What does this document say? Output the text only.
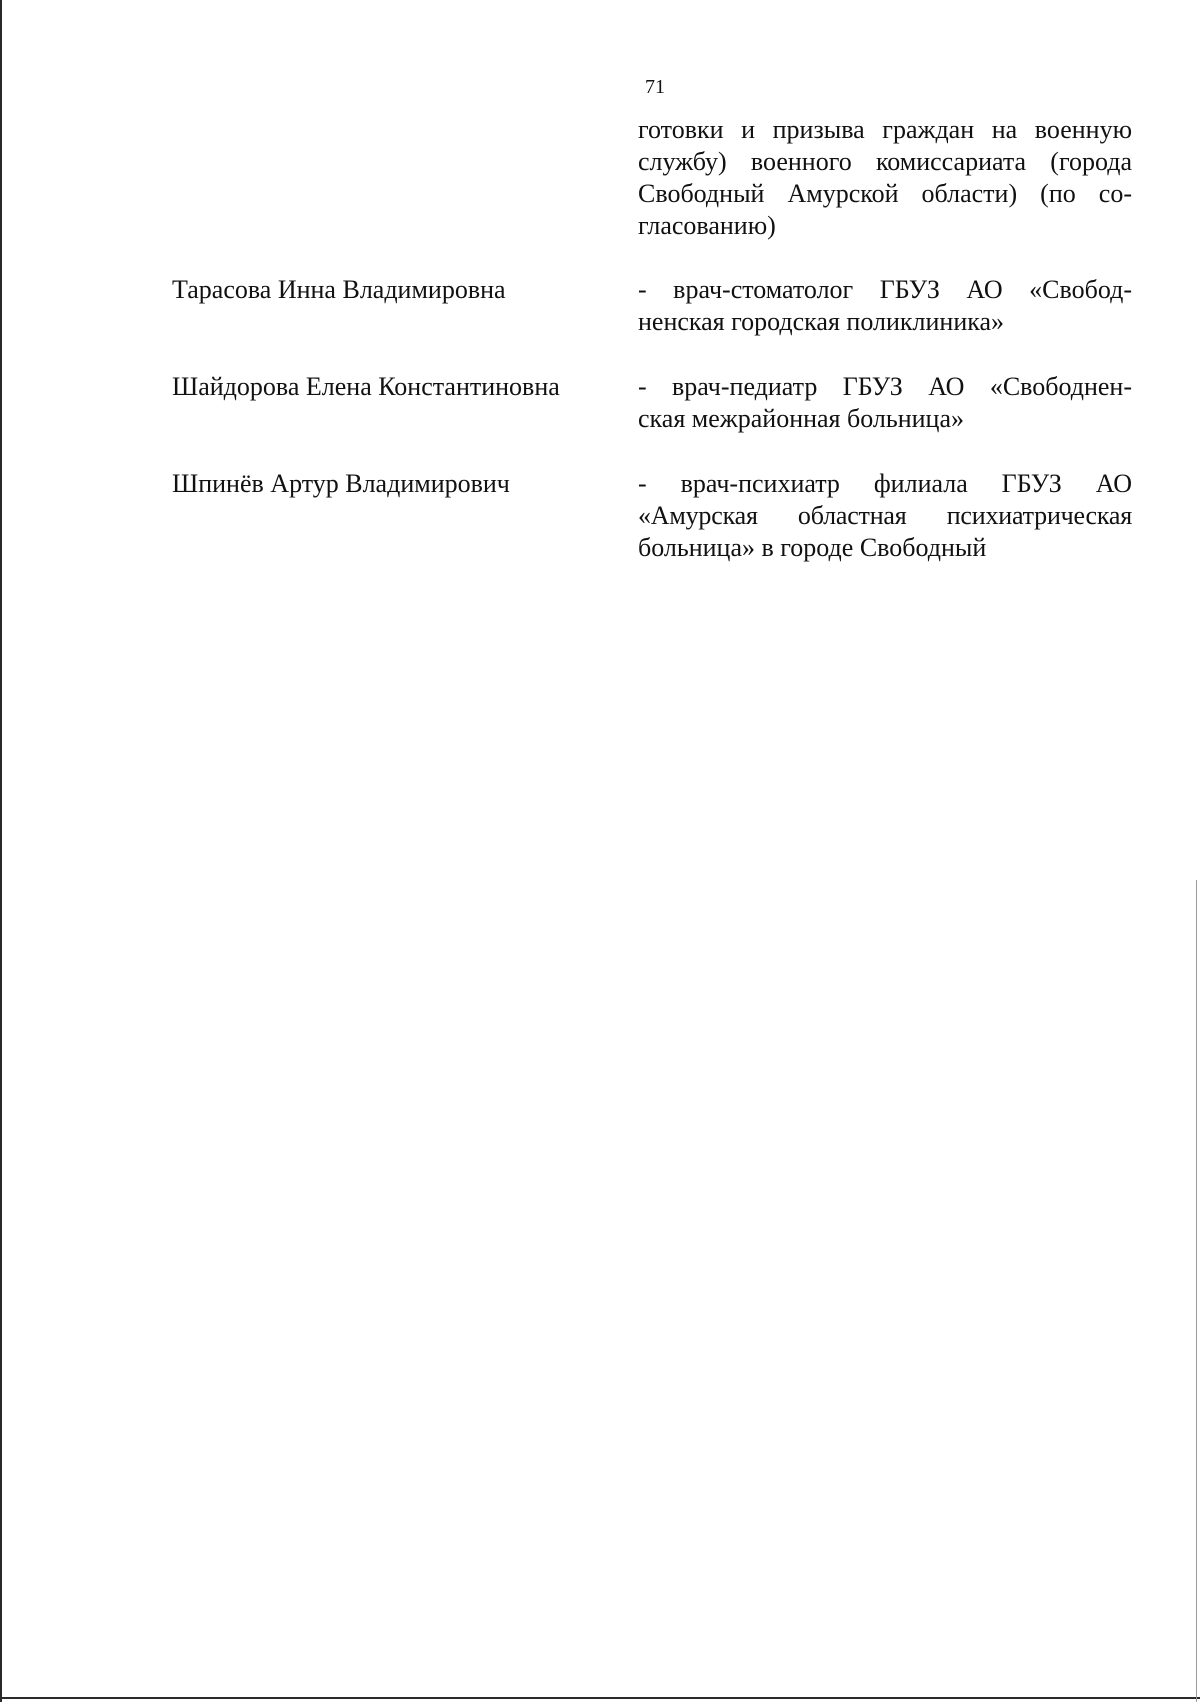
71
готовки и призыва граждан на военную
службу) военного комиссариата (города
Свободный Амурской области) (по со-
гласованию)
Тарасова Инна Владимировна	- врач-стоматолог ГБУЗ АО «Свобод-
ненская городская поликлиника»
Шайдорова Елена Константиновна	- врач-педиатр ГБУЗ АО «Свободнен-
ская межрайонная больница»
Шпинёв Артур Владимирович	- врач-психиатр филиала ГБУЗ АО
«Амурская областная психиатрическая
больница» в городе Свободный
